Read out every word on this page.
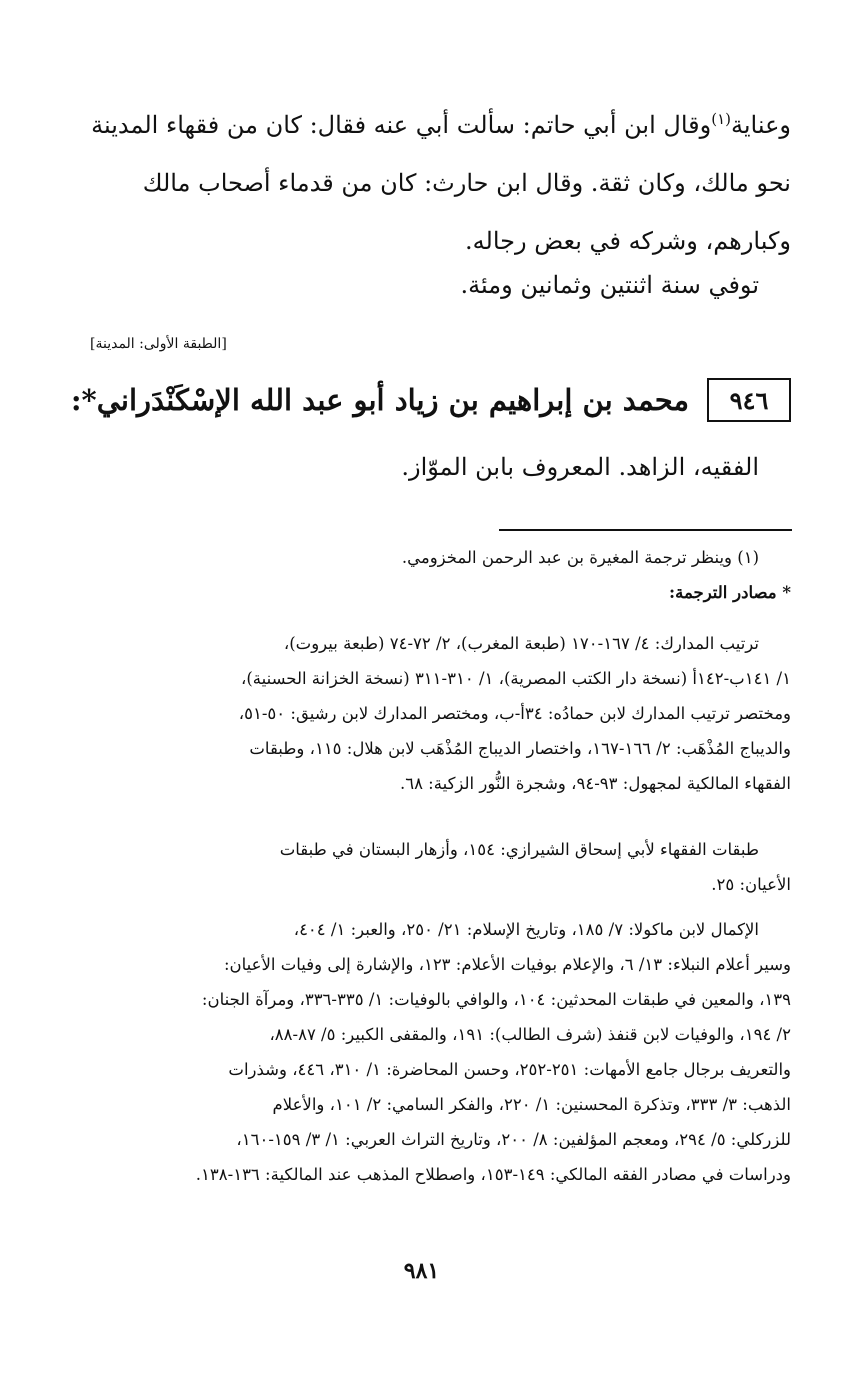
وعناية$^{(١)}$وقال ابن أبي حاتم: سألت أبي عنه فقال: كان من فقهاء المدينة
نحو مالك، وكان ثقة. وقال ابن حارث: كان من قدماء أصحاب مالك
وكبارهم، وشركه في بعض رجاله.
توفي سنة اثنتين وثمانين ومئة.
[الطبقة الأولى: المدينة]
٩٤٦
محمد بن إبراهيم بن زياد أبو عبد الله الإسْكَنْدَراني*:
الفقيه، الزاهد. المعروف بابن الموّاز.
(١) وينظر ترجمة المغيرة بن عبد الرحمن المخزومي.
* مصادر الترجمة:
ترتيب المدارك: ٤/ ١٦٧-١٧٠ (طبعة المغرب)، ٢/ ٧٢-٧٤ (طبعة بيروت)،
١/ ١٤١ب-١٤٢أ (نسخة دار الكتب المصرية)، ١/ ٣١٠-٣١١ (نسخة الخزانة الحسنية)،
ومختصر ترتيب المدارك لابن حمادُه: ٣٤أ-ب، ومختصر المدارك لابن رشيق: ٥٠-٥١،
والديباج المُذْهَب: ٢/ ١٦٦-١٦٧، واختصار الديباج المُذْهَب لابن هلال: ١١٥، وطبقات
الفقهاء المالكية لمجهول: ٩٣-٩٤، وشجرة النُّور الزكية: ٦٨.
طبقات الفقهاء لأبي إسحاق الشيرازي: ١٥٤، وأزهار البستان في طبقات
الأعيان: ٢٥.
الإكمال لابن ماكولا: ٧/ ١٨٥، وتاريخ الإسلام: ٢١/ ٢٥٠، والعبر: ١/ ٤٠٤،
وسير أعلام النبلاء: ١٣/ ٦، والإعلام بوفيات الأعلام: ١٢٣، والإشارة إلى وفيات الأعيان:
١٣٩، والمعين في طبقات المحدثين: ١٠٤، والوافي بالوفيات: ١/ ٣٣٥-٣٣٦، ومرآة الجنان:
٢/ ١٩٤، والوفيات لابن قنفذ (شرف الطالب): ١٩١، والمقفى الكبير: ٥/ ٨٧-٨٨،
والتعريف برجال جامع الأمهات: ٢٥١-٢٥٢، وحسن المحاضرة: ١/ ٣١٠، ٤٤٦، وشذرات
الذهب: ٣/ ٣٣٣، وتذكرة المحسنين: ١/ ٢٢٠، والفكر السامي: ٢/ ١٠١، والأعلام
للزركلي: ٥/ ٢٩٤، ومعجم المؤلفين: ٨/ ٢٠٠، وتاريخ التراث العربي: ١/ ٣/ ١٥٩-١٦٠،
ودراسات في مصادر الفقه المالكي: ١٤٩-١٥٣، واصطلاح المذهب عند المالكية: ١٣٦-١٣٨.
٩٨١
